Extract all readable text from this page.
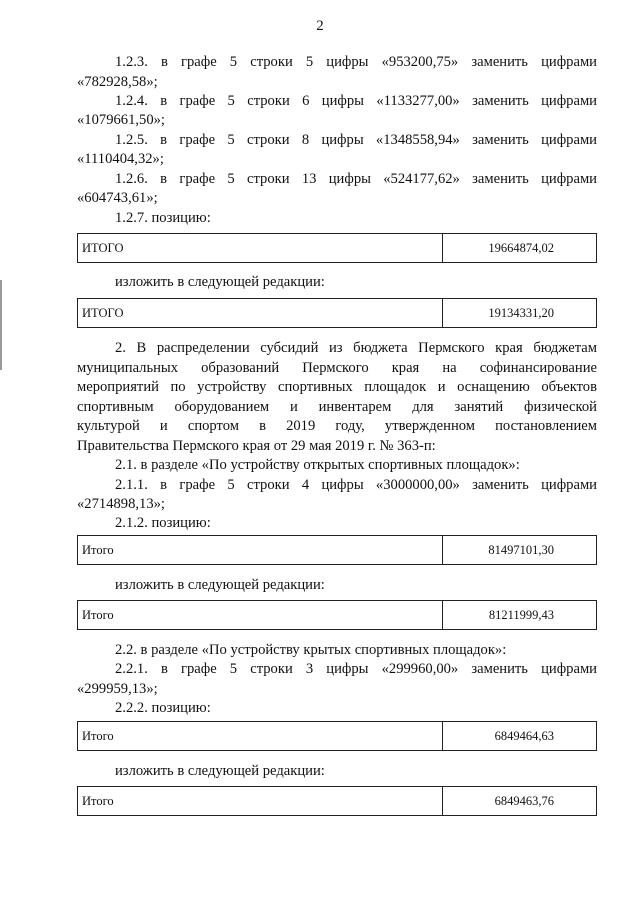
2

1.2.3. в графе 5 строки 5 цифры «953200,75» заменить цифрами

«782928,58»;

1.2.4. в графе 5 строки 6 цифры «1133277,00» заменить цифрами

«1079661,50»;

1.2.5. в графе 5 строки 8 цифры «1348558,94» заменить цифрами

«1110404,32»;

1.2.6. в графе 5 строки 13 цифры «524177,62» заменить цифрами

«604743,61»;

1.2.7. позицию:

ИТОГО	19664874,02

изложить в следующей редакции:

ИТОГО	19134331,20

2. В распределении субсидий из бюджета Пермского края бюджетам

муниципальных образований Пермского края на софинансирование

мероприятий по устройству спортивных площадок и оснащению объектов

спортивным оборудованием и инвентарем для занятий физической

культурой и спортом в 2019 году, утвержденном постановлением

Правительства Пермского края от 29 мая 2019 г. № 363-п:

2.1. в разделе «По устройству открытых спортивных площадок»:

2.1.1. в графе 5 строки 4 цифры «3000000,00» заменить цифрами

«2714898,13»;

2.1.2. позицию:

Итого	81497101,30

изложить в следующей редакции:

Итого	81211999,43

2.2. в разделе «По устройству крытых спортивных площадок»:

2.2.1. в графе 5 строки 3 цифры «299960,00» заменить цифрами

«299959,13»;

2.2.2. позицию:

Итого	6849464,63

изложить в следующей редакции:

Итого	6849463,76
